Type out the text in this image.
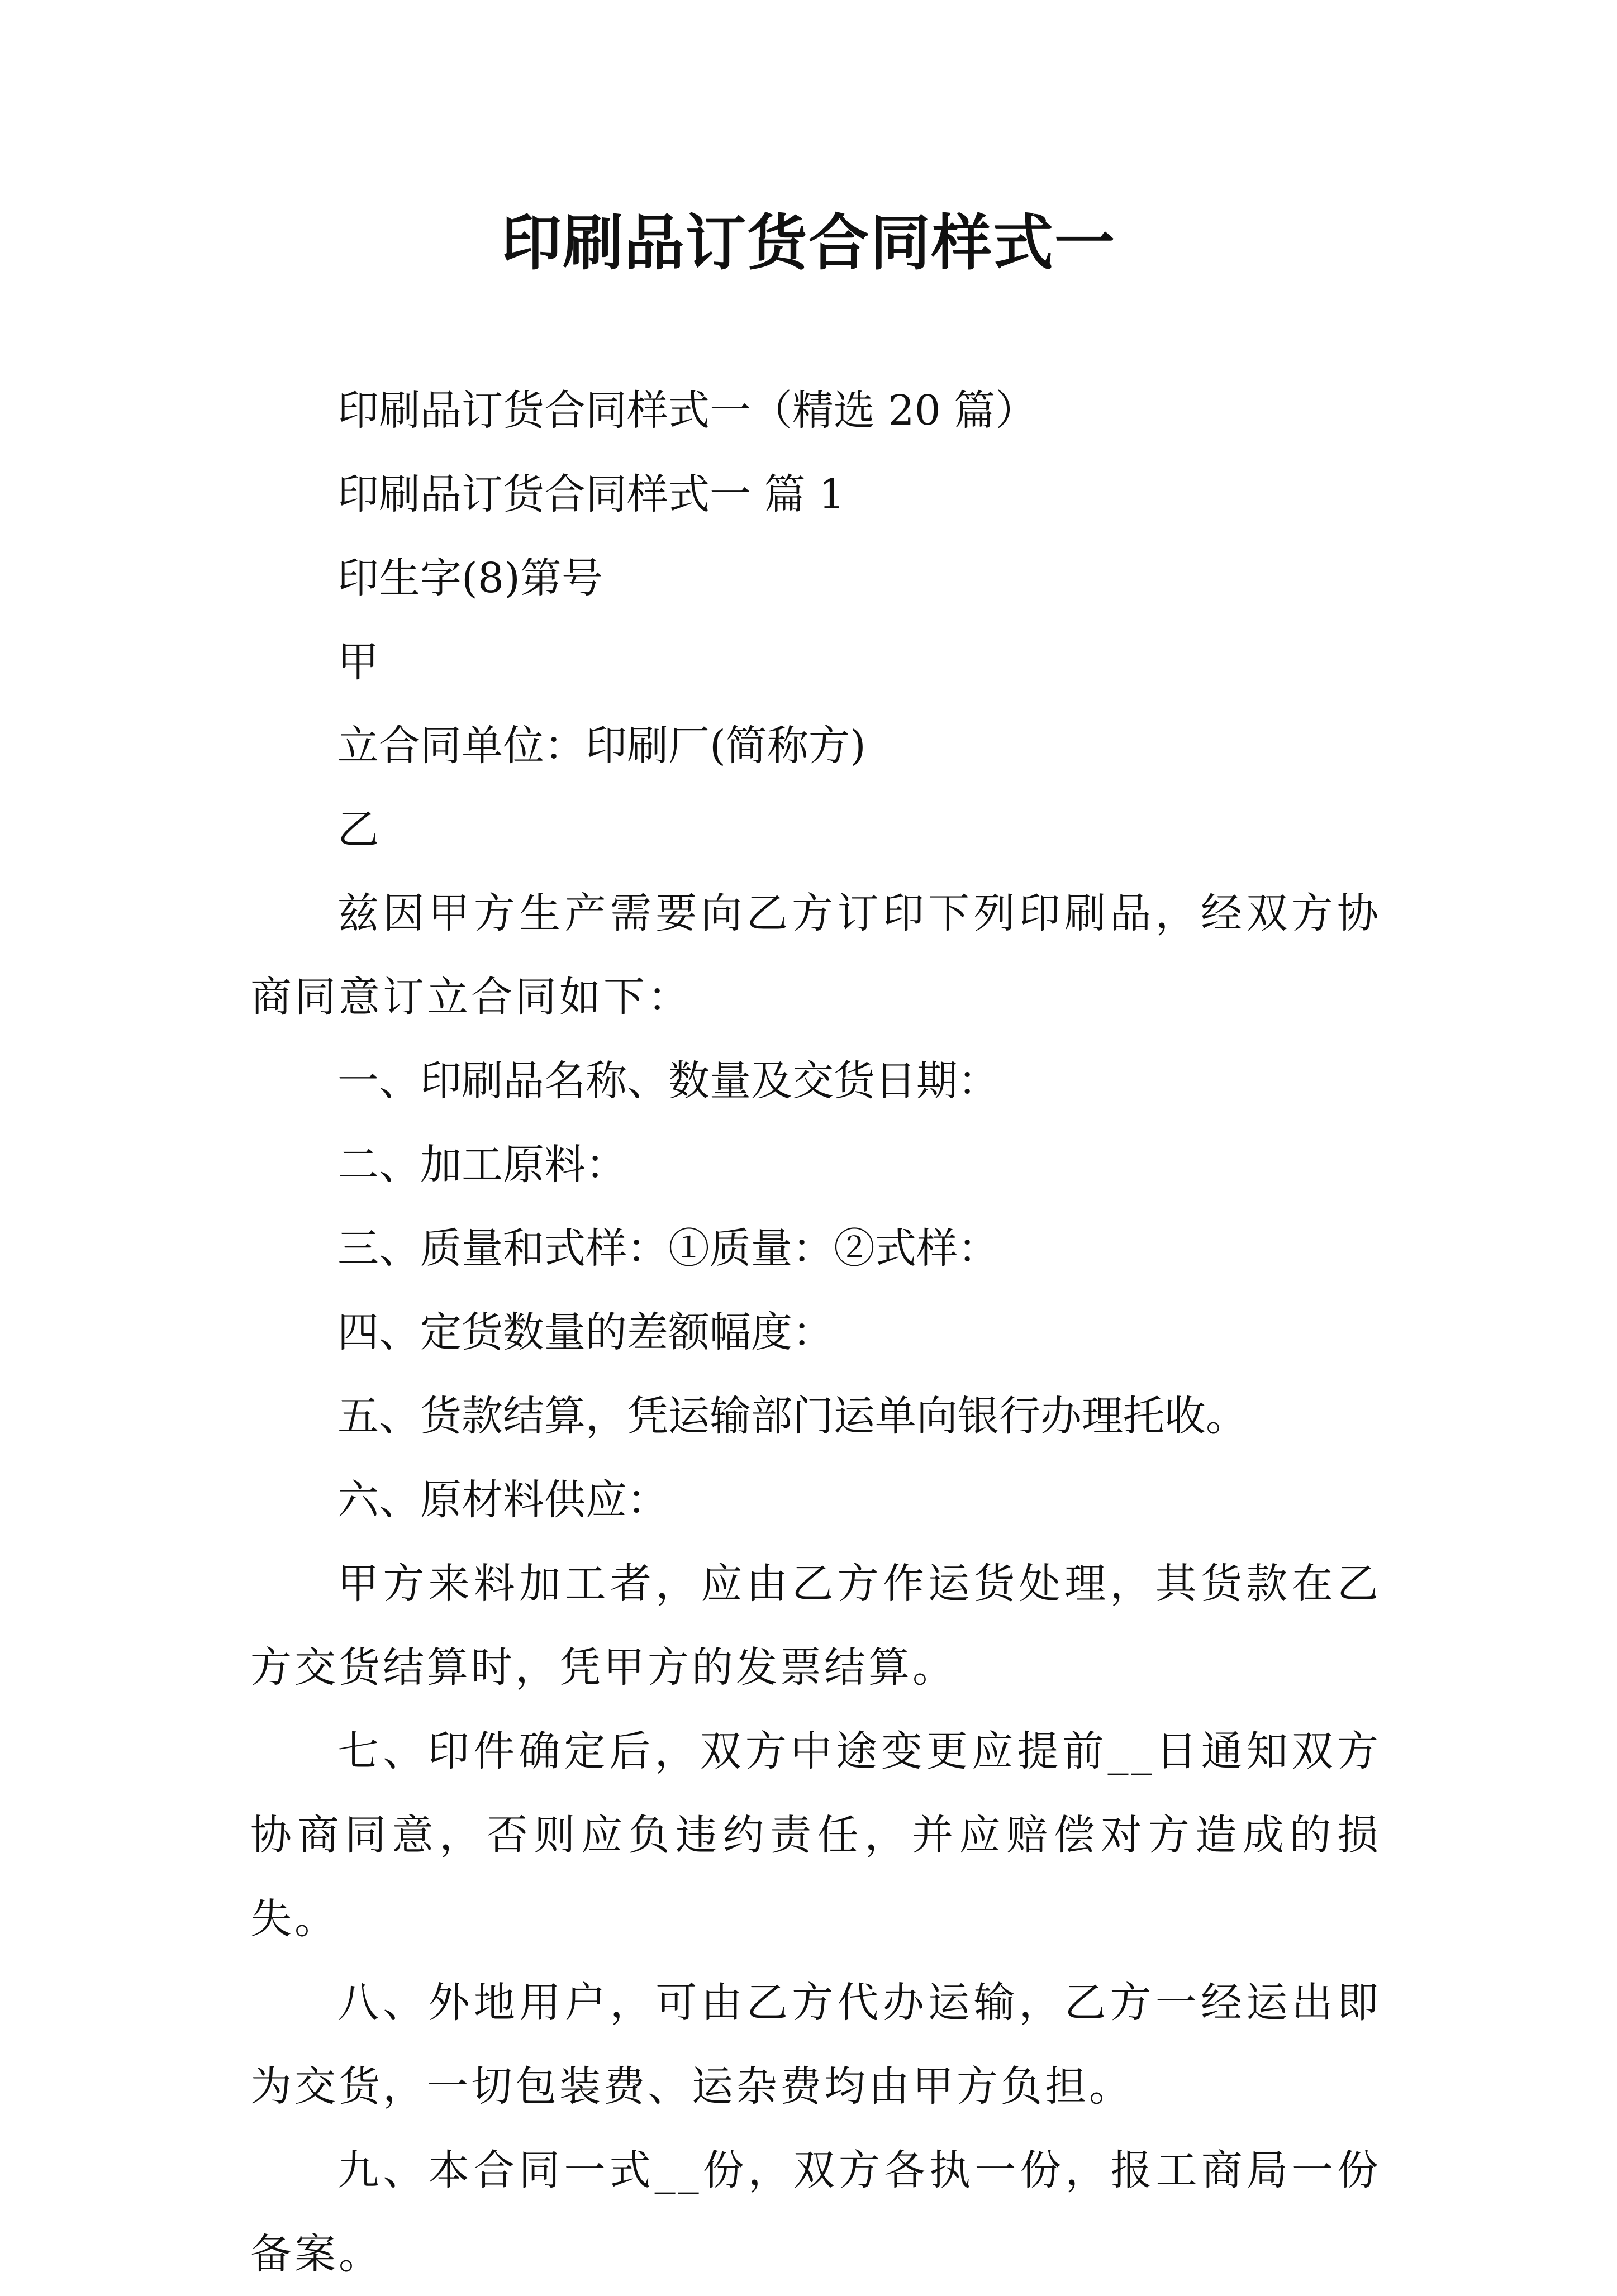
印刷品订货合同样式一

印刷品订货合同样式一（精选 20 篇）

印刷品订货合同样式一 篇 1

印生字(8)第号

甲

立合同单位：印刷厂(简称方)

乙

兹因甲方生产需要向乙方订印下列印刷品，经双方协商同意订立合同如下：

一、印刷品名称、数量及交货日期：

二、加工原料：

三、质量和式样：①质量：②式样：

四、定货数量的差额幅度：

五、货款结算，凭运输部门运单向银行办理托收。

六、原材料供应：

甲方来料加工者，应由乙方作运货处理，其货款在乙方交货结算时，凭甲方的发票结算。

七、印件确定后，双方中途变更应提前__日通知双方协商同意，否则应负违约责任，并应赔偿对方造成的损失。

八、外地用户，可由乙方代办运输，乙方一经运出即为交货，一切包装费、运杂费均由甲方负担。

九、本合同一式__份，双方各执一份，报工商局一份备案。
